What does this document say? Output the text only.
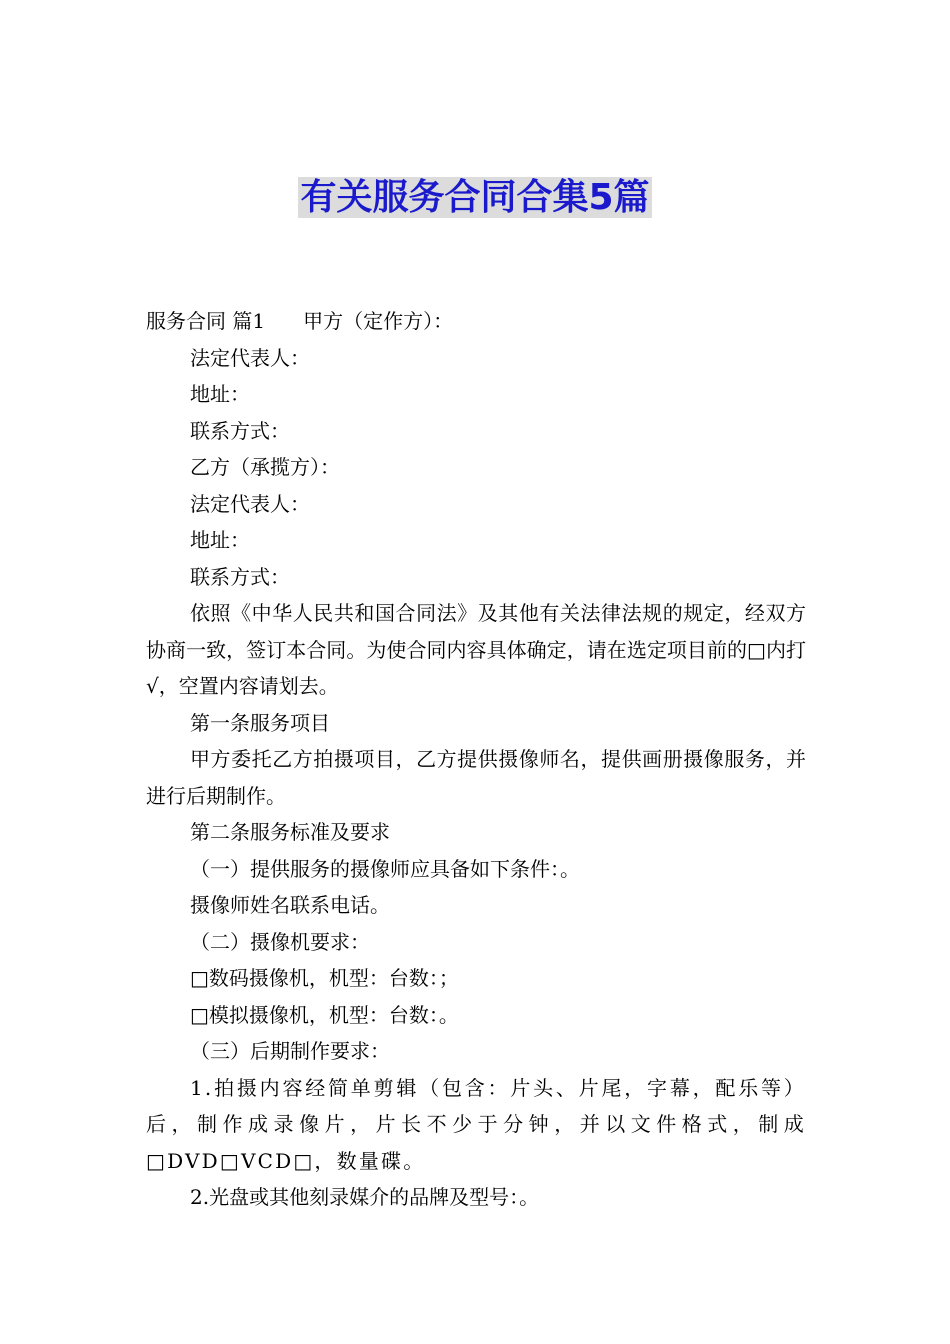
有关服务合同合集5篇

服务合同 篇1 甲方（定作方）：

法定代表人：

地址：

联系方式：

乙方（承揽方）：

法定代表人：

地址：

联系方式：

依照《中华人民共和国合同法》及其他有关法律法规的规定，经双方协商一致，签订本合同。为使合同内容具体确定，请在选定项目前的□内打√，空置内容请划去。

第一条服务项目

甲方委托乙方拍摄项目，乙方提供摄像师名，提供画册摄像服务，并进行后期制作。

第二条服务标准及要求

（一）提供服务的摄像师应具备如下条件：。

摄像师姓名联系电话。

（二）摄像机要求：

□数码摄像机，机型：台数：；

□模拟摄像机，机型：台数：。

（三）后期制作要求：

1.拍摄内容经简单剪辑（包含：片头、片尾，字幕，配乐等）后，制作成录像片，片长不少于分钟，并以文件格式，制成□DVD□VCD□，数量碟。

2.光盘或其他刻录媒介的品牌及型号：。
